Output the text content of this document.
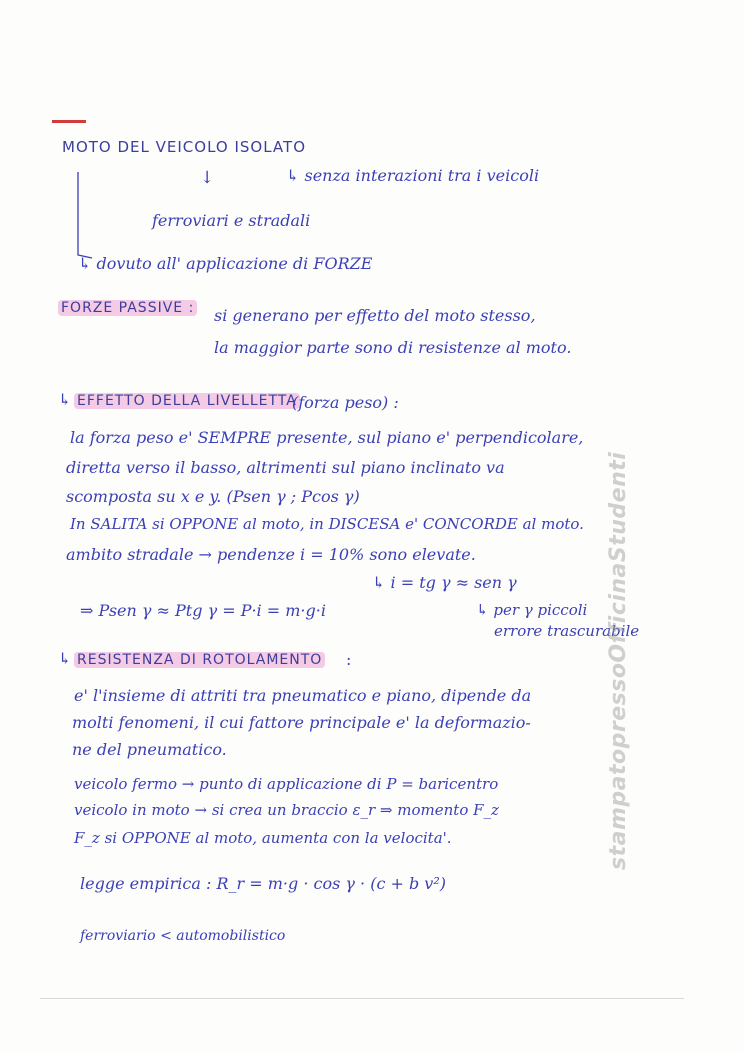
MOTO DEL VEICOLO ISOLATO
↓	↳ senza interazioni tra i veicoli
ferroviari e stradali
↳ dovuto all' applicazione di FORZE
FORZE PASSIVE : si generano per effetto del moto stesso,
la maggior parte sono di resistenze al moto.
↳ EFFETTO DELLA LIVELLETTA
(forza peso) :
la forza peso e' SEMPRE presente, sul piano e' perpendicolare,
diretta verso il basso, altrimenti sul piano inclinato va
scomposta su x e y. (Psen γ ; Pcos γ)
In SALITA si OPPONE al moto, in DISCESA e' CONCORDE al moto.
ambito stradale → pendenze i = 10% sono elevate.
↳ i = tg γ ≈ sen γ
⇒ Psen γ ≈ Ptg γ = P·i = m·g·i	↳ per γ piccoli
errore trascurabile
↳ RESISTENZA DI ROTOLAMENTO :
e' l'insieme di attriti tra pneumatico e piano, dipende da
molti fenomeni, il cui fattore principale e' la deformazio-
ne del pneumatico.
veicolo fermo → punto di applicazione di P = baricentro
veicolo in moto → si crea un braccio ε_r ⇒ momento F_z
F_z si OPPONE al moto, aumenta con la velocita'.
legge empirica : R_r = m·g · cos γ · (c + b v²)
ferroviario < automobilistico
stampatopressoOfficinaStudenti
